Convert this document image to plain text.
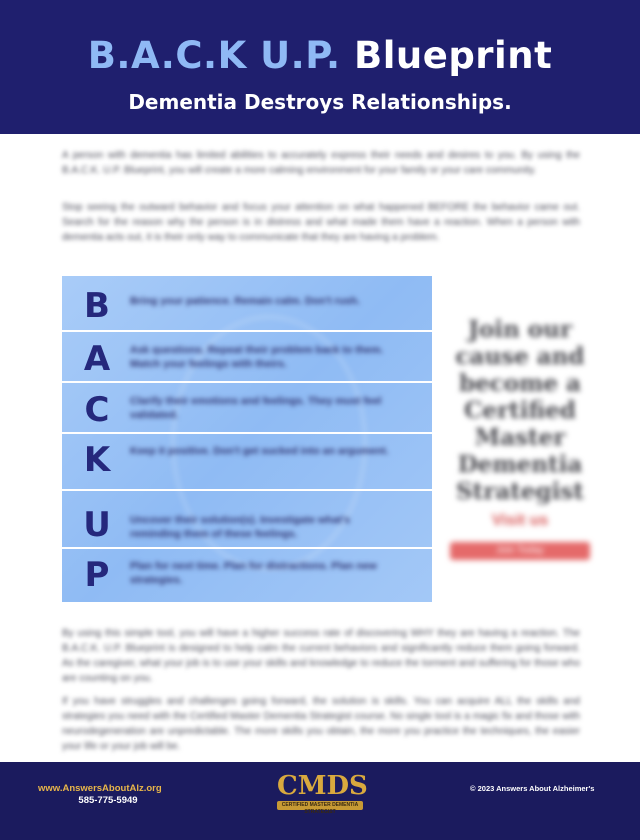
B.A.C.K U.P. Blueprint
Dementia Destroys Relationships.
A person with dementia has limited abilities to accurately express their needs and desires to you. By using the B.A.C.K. U.P. Blueprint, you will create a more calming environment for your family or your care community.
Stop seeing the outward behavior and focus your attention on what happened BEFORE the behavior came out. Search for the reason why the person is in distress and what made them have a reaction. When a person with dementia acts out, it is their only way to communicate that they are having a problem.
B	Bring your patience. Remain calm. Don't rush.
A	Ask questions. Repeat their problem back to them. Match your feelings with theirs.
C	Clarify their emotions and feelings. They must feel validated.
K	Keep it positive. Don't get sucked into an argument.
U	Uncover their solution(s). Investigate what's reminding them of these feelings.
P	Plan for next time. Plan for distractions. Plan new strategies.
Join our cause and become a Certified Master Dementia Strategist
Visit us
Join Today
By using this simple tool, you will have a higher success rate of discovering WHY they are having a reaction. The B.A.C.K. U.P. Blueprint is designed to help calm the current behaviors and significantly reduce them going forward. As the caregiver, what your job is to use your skills and knowledge to reduce the torment and suffering for those who are counting on you.
If you have struggles and challenges going forward, the solution is skills. You can acquire ALL the skills and strategies you need with the Certified Master Dementia Strategist course. No single tool is a magic fix and those with neurodegeneration are unpredictable. The more skills you obtain, the more you practice the techniques, the easier your life or your job will be.
www.AnswersAboutAlz.org
585-775-5949	CMDS
CERTIFIED MASTER DEMENTIA STRATEGIST
© 2023 Answers About Alzheimer's
